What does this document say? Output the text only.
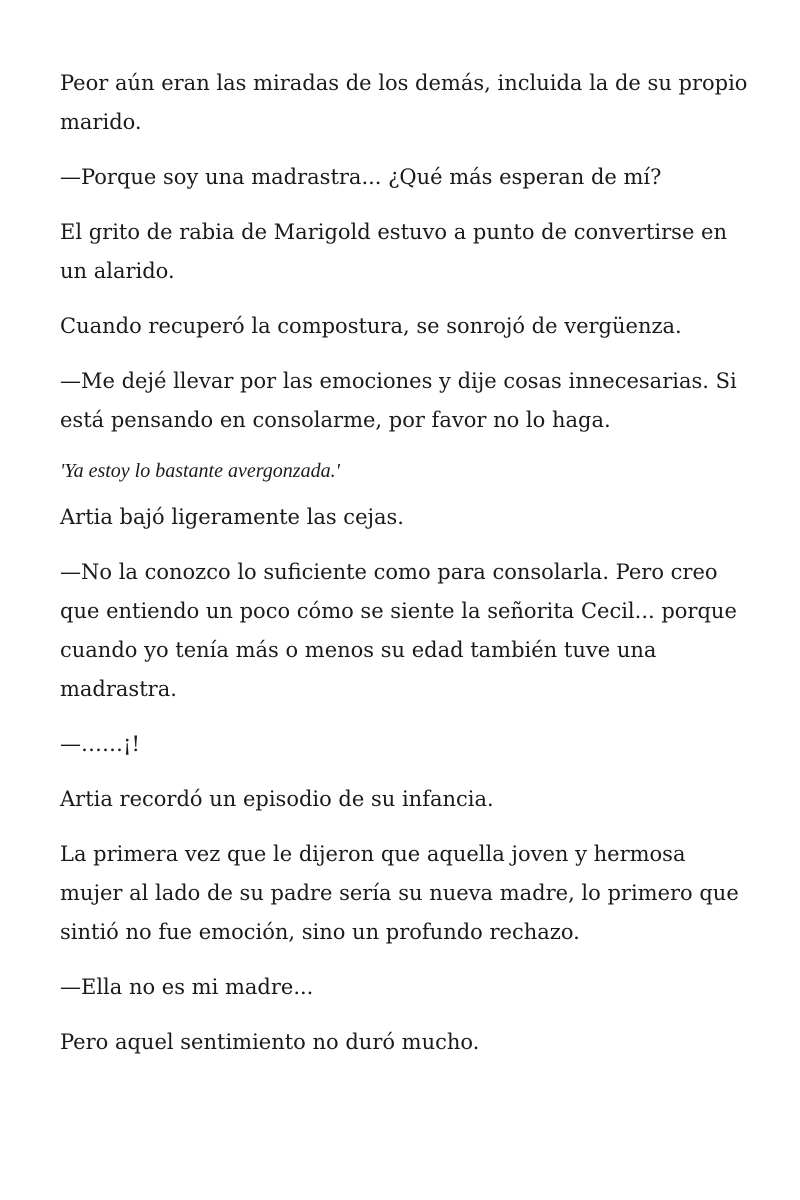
Peor aún eran las miradas de los demás, incluida la de su propio marido.

—Porque soy una madrastra... ¿Qué más esperan de mí?

El grito de rabia de Marigold estuvo a punto de convertirse en un alarido.

Cuando recuperó la compostura, se sonrojó de vergüenza.

—Me dejé llevar por las emociones y dije cosas innecesarias. Si está pensando en consolarme, por favor no lo haga.

'Ya estoy lo bastante avergonzada.'

Artia bajó ligeramente las cejas.

—No la conozco lo suficiente como para consolarla. Pero creo que entiendo un poco cómo se siente la señorita Cecil... porque cuando yo tenía más o menos su edad también tuve una madrastra.

—……¡!

Artia recordó un episodio de su infancia.

La primera vez que le dijeron que aquella joven y hermosa mujer al lado de su padre sería su nueva madre, lo primero que sintió no fue emoción, sino un profundo rechazo.

—Ella no es mi madre...

Pero aquel sentimiento no duró mucho.
